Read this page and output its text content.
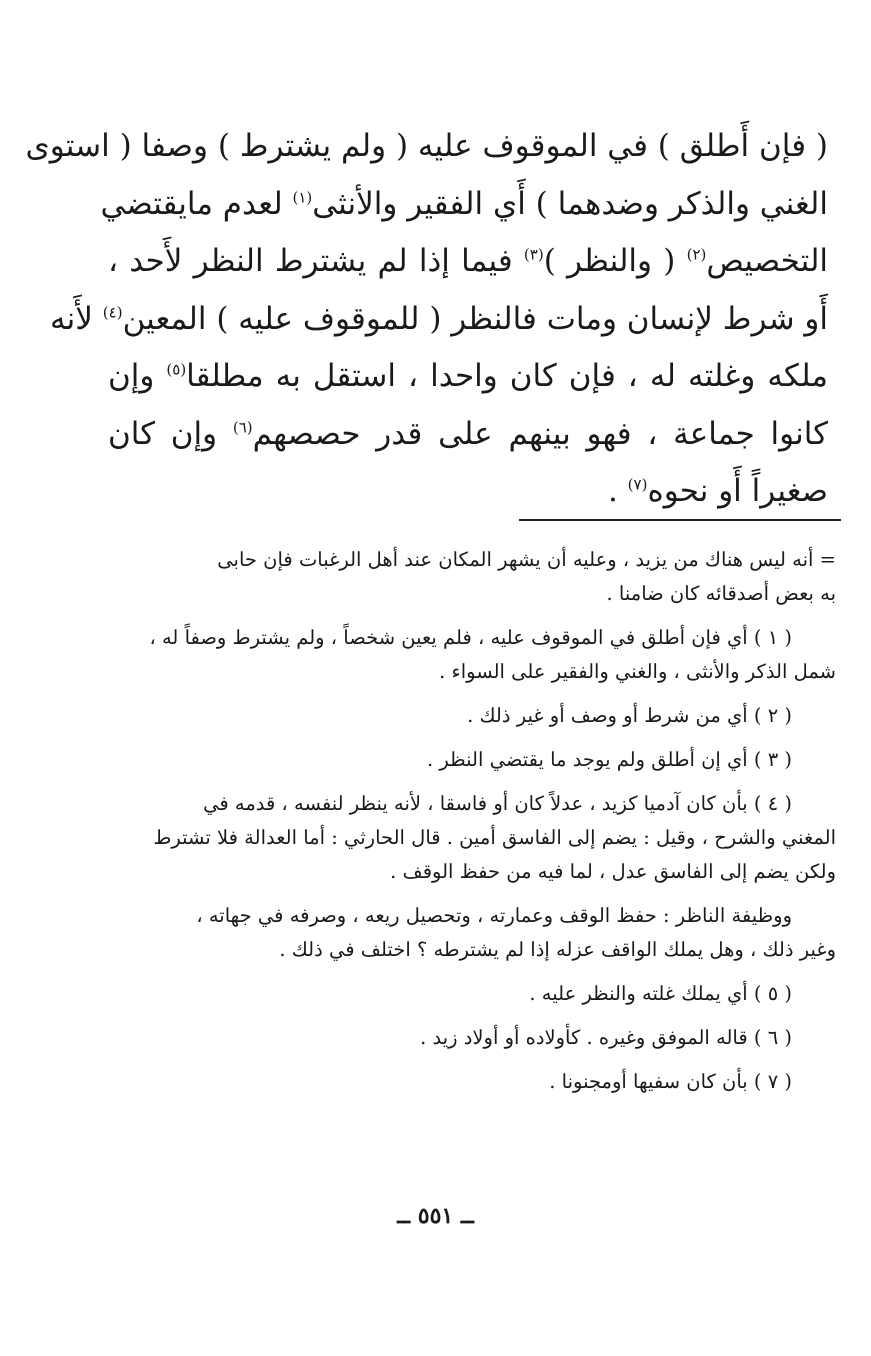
( فإن أَطلق ) في الموقوف عليه ( ولم يشترط ) وصفا ( استوى
الغني والذكر وضدهما ) أَي الفقير والأنثى$^{(١)}$ لعدم مايقتضي
التخصيص$^{(٢)}$ ( والنظر )$^{(٣)}$ فيما إذا لم يشترط النظر لأَحد ،
أَو شرط لإنسان ومات فالنظر ( للموقوف عليه ) المعين$^{(٤)}$ لأَنه
ملكه وغلته له ، فإن كان واحدا ، استقل به مطلقا$^{(٥)}$ وإن
كانوا جماعة ، فهو بينهم على قدر حصصهم$^{(٦)}$ وإن كان
صغيراً أَو نحوه$^{(٧)}$ .
= أنه ليس هناك من يزيد ، وعليه أن يشهر المكان عند أهل الرغبات فإن حابى
به بعض أصدقائه كان ضامنا .
( ١ ) أي فإن أطلق في الموقوف عليه ، فلم يعين شخصاً ، ولم يشترط وصفاً له ،
شمل الذكر والأنثى ، والغني والفقير على السواء .
( ٢ ) أي من شرط أو وصف أو غير ذلك .
( ٣ ) أي إن أطلق ولم يوجد ما يقتضي النظر .
( ٤ ) بأن كان آدميا كزيد ، عدلاً كان أو فاسقا ، لأنه ينظر لنفسه ، قدمه في
المغني والشرح ، وقيل : يضم إلى الفاسق أمين . قال الحارثي : أما العدالة فلا تشترط
ولكن يضم إلى الفاسق عدل ، لما فيه من حفظ الوقف .
ووظيفة الناظر : حفظ الوقف وعمارته ، وتحصيل ريعه ، وصرفه في جهاته ،
وغير ذلك ، وهل يملك الواقف عزله إذا لم يشترطه ؟ اختلف في ذلك .
( ٥ ) أي يملك غلته والنظر عليه .
( ٦ ) قاله الموفق وغيره . كأولاده أو أولاد زيد .
( ٧ ) بأن كان سفيها أومجنونا .
ــ ٥٥١ ــ
